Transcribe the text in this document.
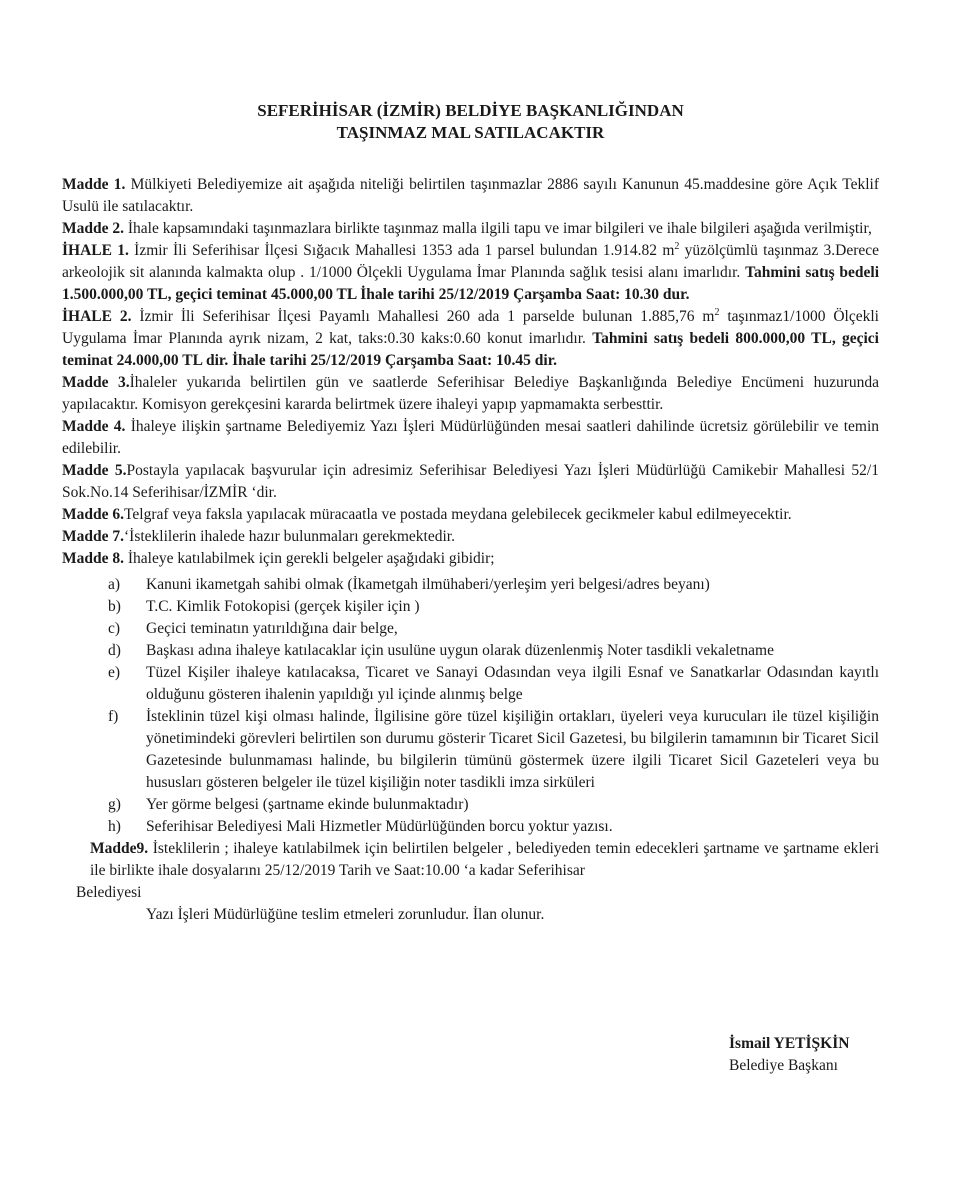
SEFERİHİSAR (İZMİR) BELDİYE BAŞKANLIĞINDAN
TAŞINMAZ MAL SATILACAKTIR

Madde 1. Mülkiyeti Belediyemize ait aşağıda niteliği belirtilen taşınmazlar 2886 sayılı Kanunun 45.maddesine göre Açık Teklif Usulü ile satılacaktır.

Madde 2. İhale kapsamındaki taşınmazlara birlikte taşınmaz malla ilgili tapu ve imar bilgileri ve ihale bilgileri aşağıda verilmiştir,

İHALE 1. İzmir İli Seferihisar İlçesi Sığacık Mahallesi 1353 ada 1 parsel bulundan 1.914.82 $m^2$ yüzölçümlü taşınmaz 3.Derece arkeolojik sit alanında kalmakta olup . 1/1000 Ölçekli Uygulama İmar Planında sağlık tesisi alanı imarlıdır. Tahmini satış bedeli 1.500.000,00 TL, geçici teminat 45.000,00 TL İhale tarihi 25/12/2019 Çarşamba Saat: 10.30 dur.

İHALE 2. İzmir İli Seferihisar İlçesi Payamlı Mahallesi 260 ada 1 parselde bulunan 1.885,76 $m^2$ taşınmaz1/1000 Ölçekli Uygulama İmar Planında ayrık nizam, 2 kat, taks:0.30 kaks:0.60 konut imarlıdır. Tahmini satış bedeli 800.000,00 TL, geçici teminat 24.000,00 TL dir. İhale tarihi 25/12/2019 Çarşamba Saat: 10.45 dir.

Madde 3.İhaleler yukarıda belirtilen gün ve saatlerde Seferihisar Belediye Başkanlığında Belediye Encümeni huzurunda yapılacaktır. Komisyon gerekçesini kararda belirtmek üzere ihaleyi yapıp yapmamakta serbesttir.

Madde 4. İhaleye ilişkin şartname Belediyemiz Yazı İşleri Müdürlüğünden mesai saatleri dahilinde ücretsiz görülebilir ve temin edilebilir.

Madde 5.Postayla yapılacak başvurular için adresimiz Seferihisar Belediyesi Yazı İşleri Müdürlüğü Camikebir Mahallesi 52/1 Sok.No.14 Seferihisar/İZMİR ‘dir.

Madde 6.Telgraf veya faksla yapılacak müracaatla ve postada meydana gelebilecek gecikmeler kabul edilmeyecektir.

Madde 7.‘İsteklilerin ihalede hazır bulunmaları gerekmektedir.

Madde 8. İhaleye katılabilmek için gerekli belgeler aşağıdaki gibidir;

a) Kanuni ikametgah sahibi olmak (İkametgah ilmühaberi/yerleşim yeri belgesi/adres beyanı)
b) T.C. Kimlik Fotokopisi (gerçek kişiler için )
c) Geçici teminatın yatırıldığına dair belge,
d) Başkası adına ihaleye katılacaklar için usulüne uygun olarak düzenlenmiş Noter tasdikli vekaletname
e) Tüzel Kişiler ihaleye katılacaksa, Ticaret ve Sanayi Odasından veya ilgili Esnaf ve Sanatkarlar Odasından kayıtlı olduğunu gösteren ihalenin yapıldığı yıl içinde alınmış belge
f) İsteklinin tüzel kişi olması halinde, İlgilisine göre tüzel kişiliğin ortakları, üyeleri veya kurucuları ile tüzel kişiliğin yönetimindeki görevleri belirtilen son durumu gösterir Ticaret Sicil Gazetesi, bu bilgilerin tamamının bir Ticaret Sicil Gazetesinde bulunmaması halinde, bu bilgilerin tümünü göstermek üzere ilgili Ticaret Sicil Gazeteleri veya bu hususları gösteren belgeler ile tüzel kişiliğin noter tasdikli imza sirküleri
g) Yer görme belgesi (şartname ekinde bulunmaktadır)
h) Seferihisar Belediyesi Mali Hizmetler Müdürlüğünden borcu yoktur yazısı.

Madde9. İsteklilerin ; ihaleye katılabilmek için belirtilen belgeler , belediyeden temin edecekleri şartname ve şartname ekleri ile birlikte ihale dosyalarını 25/12/2019 Tarih ve Saat:10.00 ‘a kadar Seferihisar

Belediyesi

Yazı İşleri Müdürlüğüne teslim etmeleri zorunludur. İlan olunur.

İsmail YETİŞKİN
Belediye Başkanı
